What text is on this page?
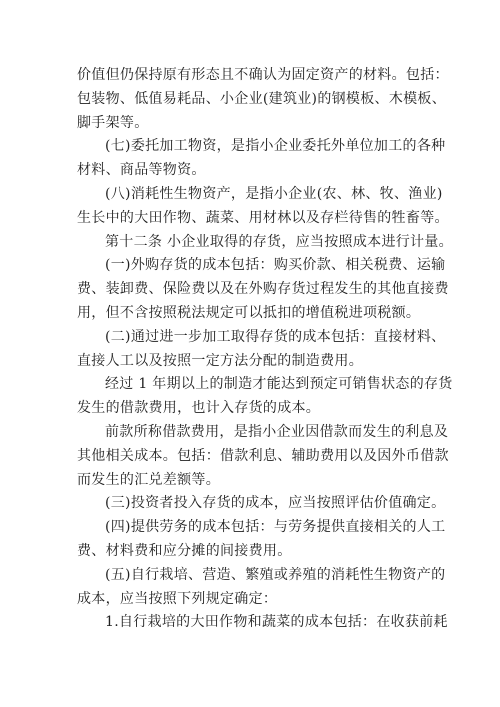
价值但仍保持原有形态且不确认为固定资产的材料。包括：
包装物、低值易耗品、小企业(建筑业)的钢模板、木模板、
脚手架等。
(七)委托加工物资，是指小企业委托外单位加工的各种
材料、商品等物资。
(八)消耗性生物资产，是指小企业(农、林、牧、渔业)
生长中的大田作物、蔬菜、用材林以及存栏待售的牲畜等。
第十二条 小企业取得的存货，应当按照成本进行计量。
(一)外购存货的成本包括：购买价款、相关税费、运输
费、装卸费、保险费以及在外购存货过程发生的其他直接费
用，但不含按照税法规定可以抵扣的增值税进项税额。
(二)通过进一步加工取得存货的成本包括：直接材料、
直接人工以及按照一定方法分配的制造费用。
经过 1 年期以上的制造才能达到预定可销售状态的存货
发生的借款费用，也计入存货的成本。
前款所称借款费用，是指小企业因借款而发生的利息及
其他相关成本。包括：借款利息、辅助费用以及因外币借款
而发生的汇兑差额等。
(三)投资者投入存货的成本，应当按照评估价值确定。
(四)提供劳务的成本包括：与劳务提供直接相关的人工
费、材料费和应分摊的间接费用。
(五)自行栽培、营造、繁殖或养殖的消耗性生物资产的
成本，应当按照下列规定确定：
1.自行栽培的大田作物和蔬菜的成本包括：在收获前耗
